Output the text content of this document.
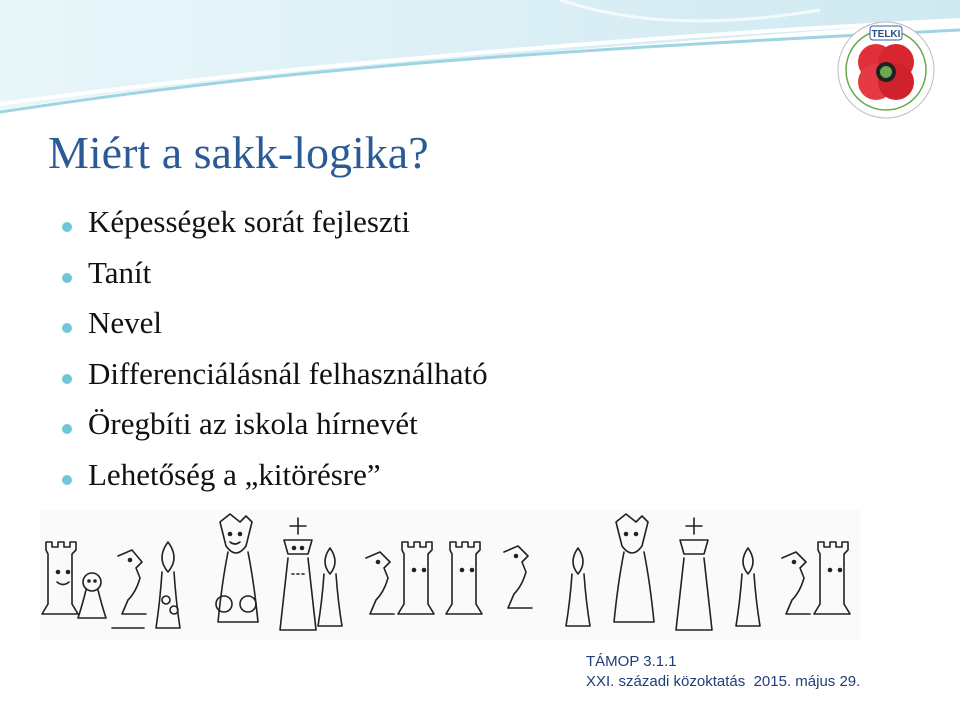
TELKI
Miért a sakk-logika?
Képességek sorát fejleszti
Tanít
Nevel
Differenciálásnál felhasználható
Öregbíti az iskola hírnevét
Lehetőség a „kitörésre”
TÁMOP 3.1.1
XXI. századi közoktatás  2015. május 29.
